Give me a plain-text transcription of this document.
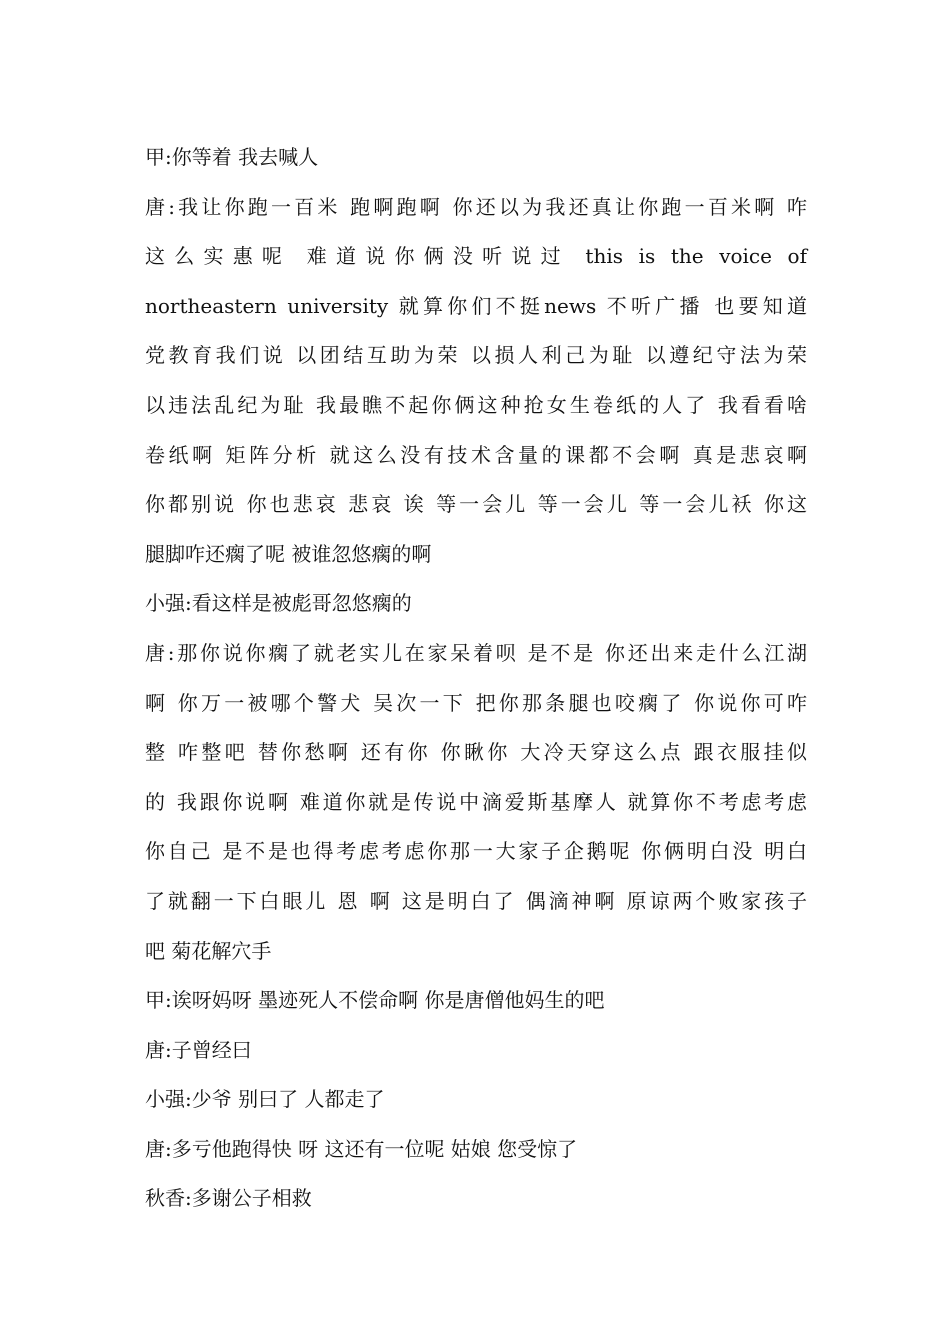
甲:你等着 我去喊人
唐:我让你跑一百米 跑啊跑啊 你还以为我还真让你跑一百米啊 咋
这么实惠呢 难道说你俩没听说过 this is the voice of
northeastern university 就算你们不挺news 不听广播 也要知道
党教育我们说 以团结互助为荣 以损人利己为耻 以遵纪守法为荣
以违法乱纪为耻 我最瞧不起你俩这种抢女生卷纸的人了 我看看啥
卷纸啊 矩阵分析 就这么没有技术含量的课都不会啊 真是悲哀啊
你都别说 你也悲哀 悲哀 诶 等一会儿 等一会儿 等一会儿袄 你这
腿脚咋还瘸了呢 被谁忽悠瘸的啊
小强:看这样是被彪哥忽悠瘸的
唐:那你说你瘸了就老实儿在家呆着呗 是不是 你还出来走什么江湖
啊 你万一被哪个警犬 吴次一下 把你那条腿也咬瘸了 你说你可咋
整 咋整吧 替你愁啊 还有你 你瞅你 大冷天穿这么点 跟衣服挂似
的 我跟你说啊 难道你就是传说中滴爱斯基摩人 就算你不考虑考虑
你自己 是不是也得考虑考虑你那一大家子企鹅呢 你俩明白没 明白
了就翻一下白眼儿 恩 啊 这是明白了 偶滴神啊 原谅两个败家孩子
吧 菊花解穴手
甲:诶呀妈呀 墨迹死人不偿命啊 你是唐僧他妈生的吧
唐:子曾经曰
小强:少爷 别曰了 人都走了
唐:多亏他跑得快 呀 这还有一位呢 姑娘 您受惊了
秋香:多谢公子相救
